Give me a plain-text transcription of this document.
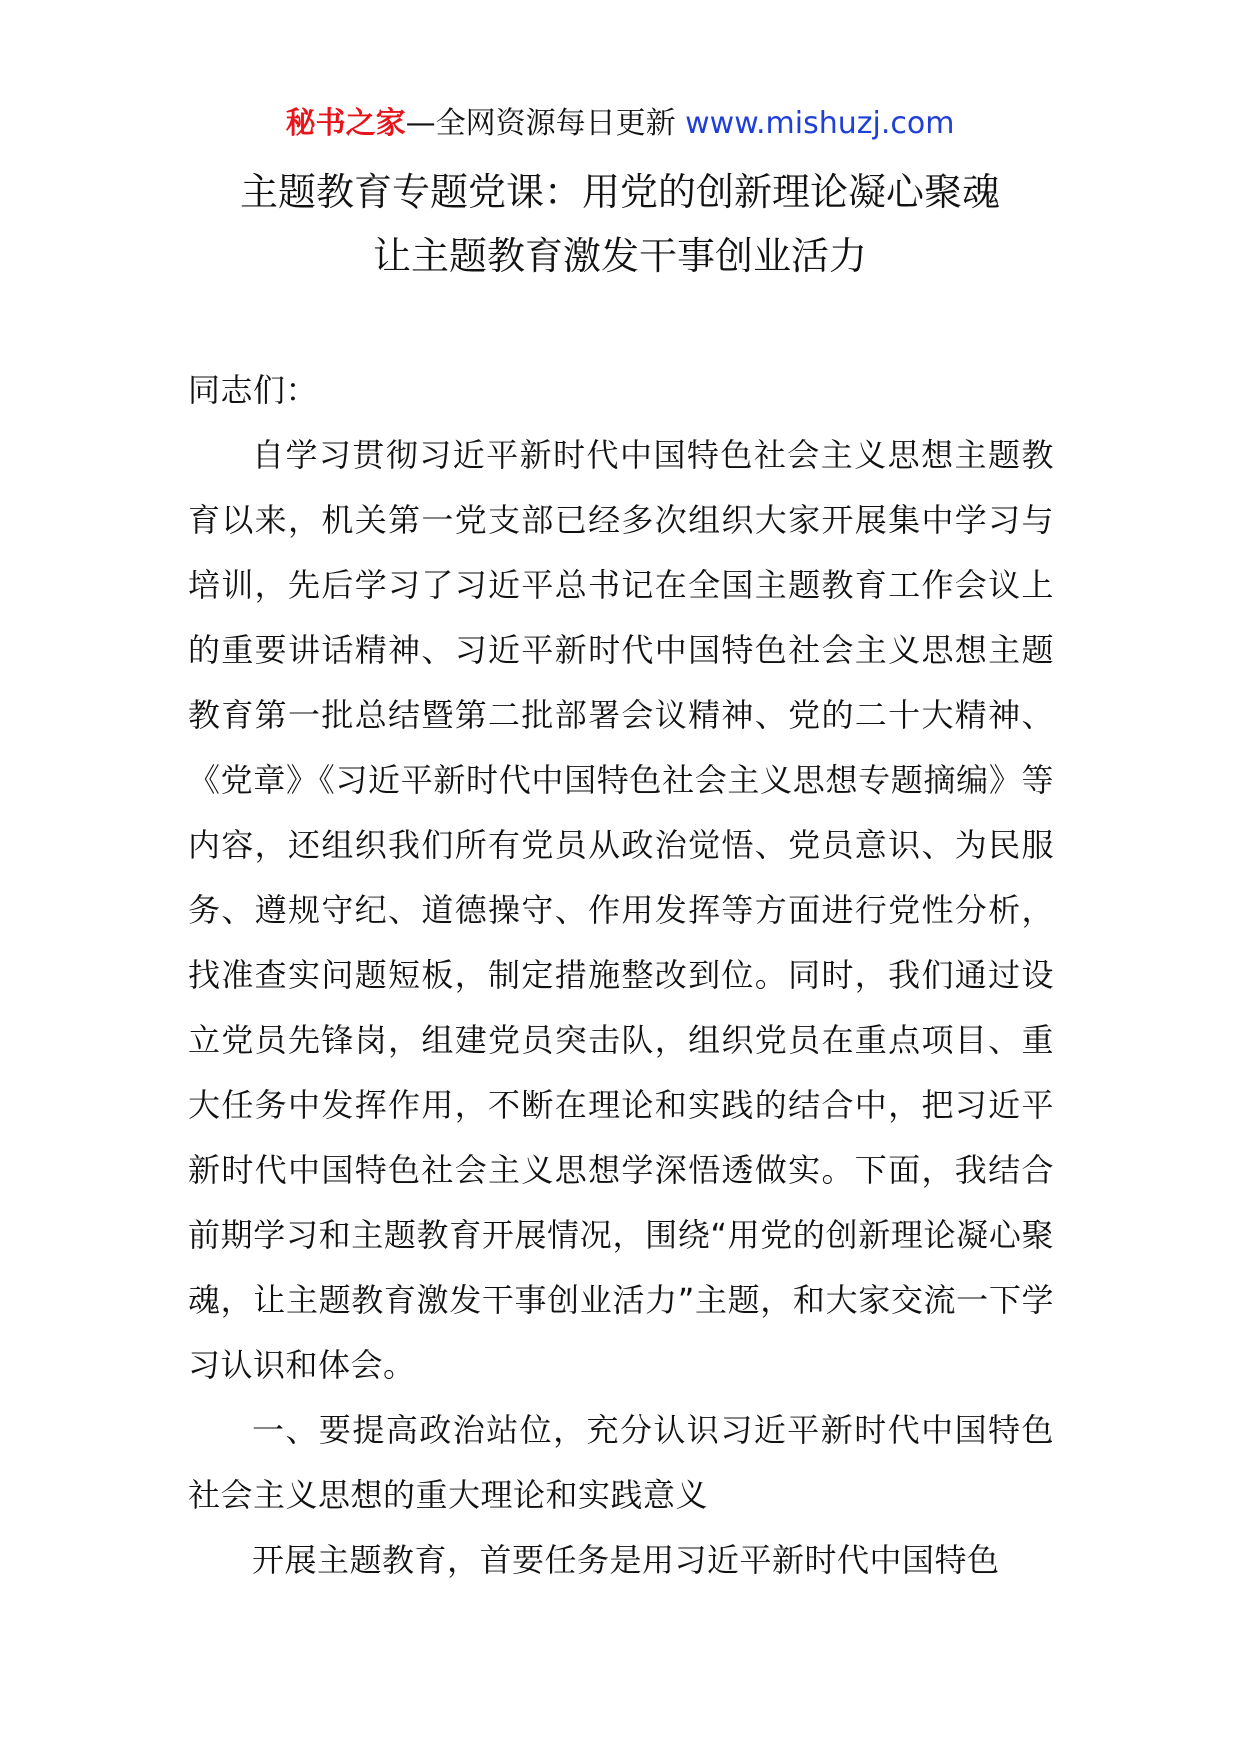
秘书之家—全网资源每日更新 www.mishuzj.com
主题教育专题党课：用党的创新理论凝心聚魂
让主题教育激发干事创业活力

同志们：

自学习贯彻习近平新时代中国特色社会主义思想主题教育以来，机关第一党支部已经多次组织大家开展集中学习与培训，先后学习了习近平总书记在全国主题教育工作会议上的重要讲话精神、习近平新时代中国特色社会主义思想主题教育第一批总结暨第二批部署会议精神、党的二十大精神、《党章》《习近平新时代中国特色社会主义思想专题摘编》等内容，还组织我们所有党员从政治觉悟、党员意识、为民服务、遵规守纪、道德操守、作用发挥等方面进行党性分析，找准查实问题短板，制定措施整改到位。同时，我们通过设立党员先锋岗，组建党员突击队，组织党员在重点项目、重大任务中发挥作用，不断在理论和实践的结合中，把习近平新时代中国特色社会主义思想学深悟透做实。下面，我结合前期学习和主题教育开展情况，围绕“用党的创新理论凝心聚魂，让主题教育激发干事创业活力”主题，和大家交流一下学习认识和体会。

一、要提高政治站位，充分认识习近平新时代中国特色社会主义思想的重大理论和实践意义

开展主题教育，首要任务是用习近平新时代中国特色
